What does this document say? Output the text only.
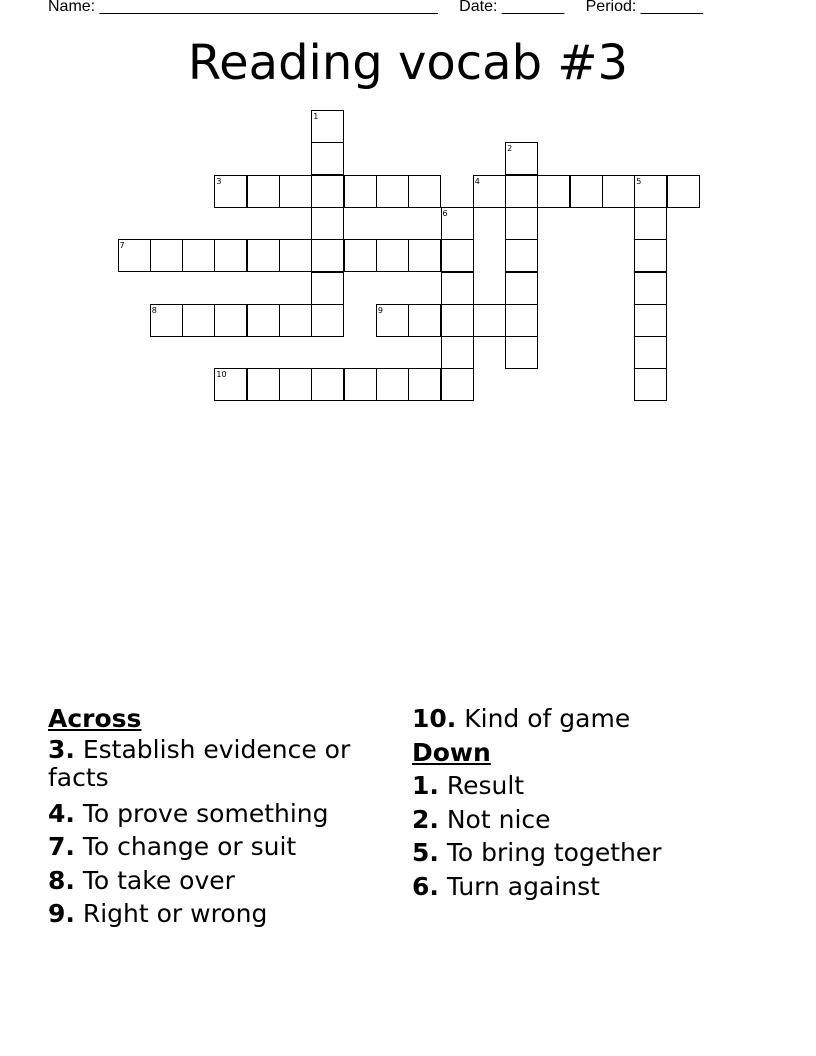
Name: ______________________________________ Date: _______ Period: _______
Reading vocab #3
1
2
3	4	5
6
7
8	9
10
Across
3. Establish evidence or facts
4. To prove something
7. To change or suit
8. To take over
9. Right or wrong
10. Kind of game
Down
1. Result
2. Not nice
5. To bring together
6. Turn against
